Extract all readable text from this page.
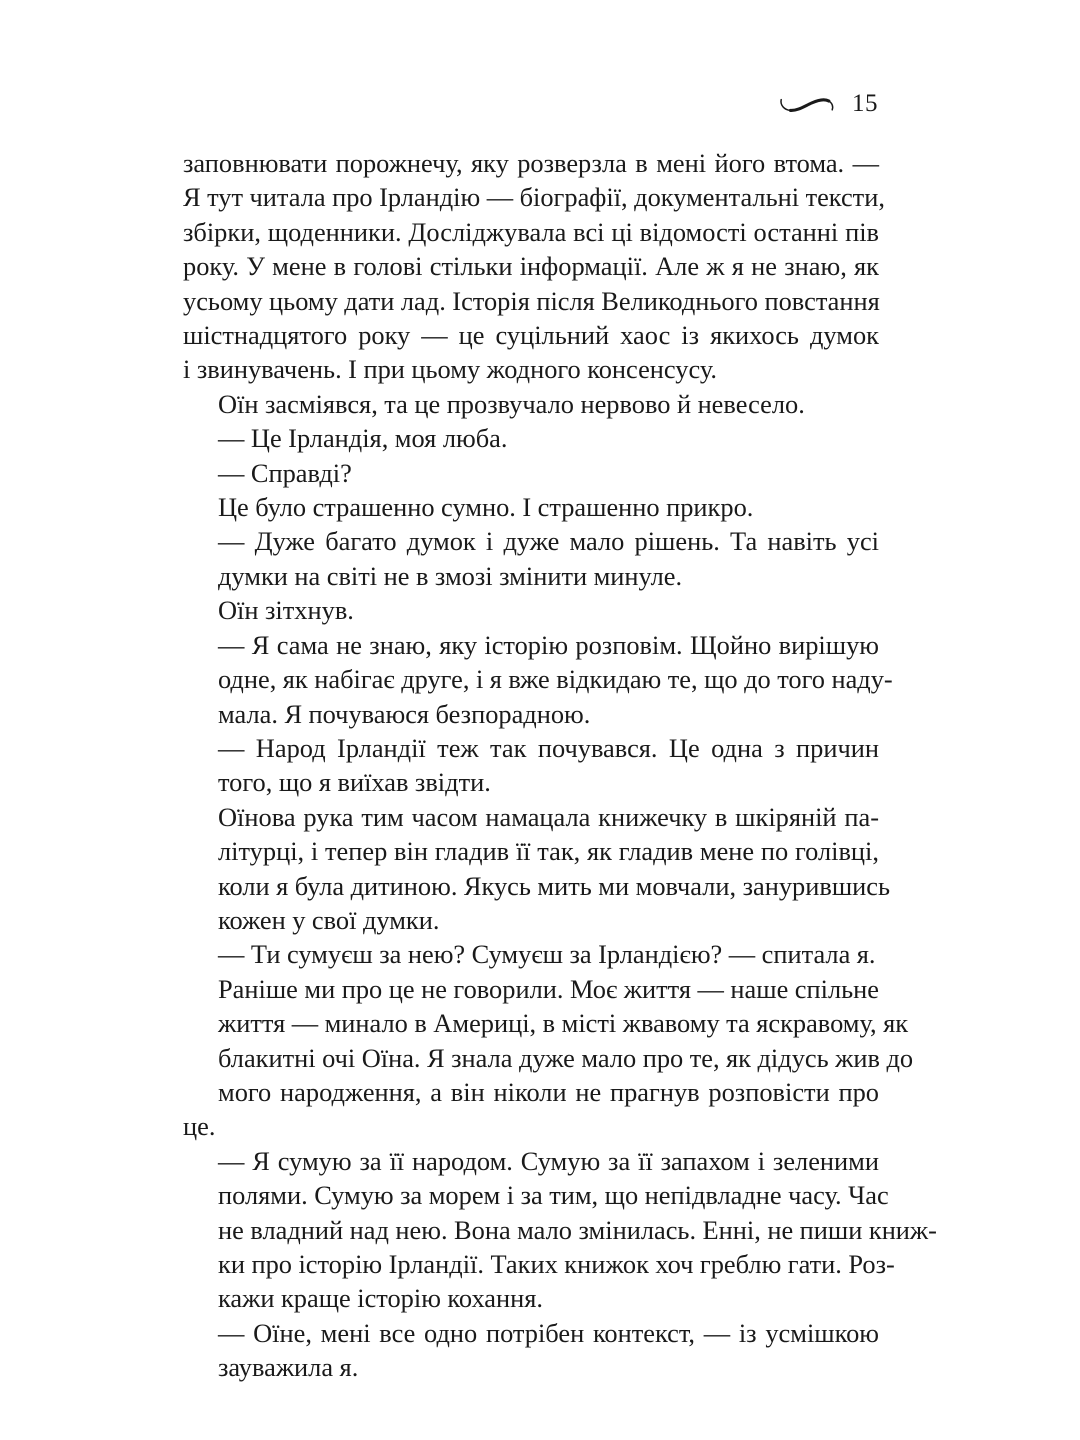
15

заповнювати порожнечу, яку розверзла в мені його втома. —
Я тут читала про Ірландію — біографії, документальні тексти,
збірки, щоденники. Досліджувала всі ці відомості останні пів
року. У мене в голові стільки інформації. Але ж я не знаю, як
усьому цьому дати лад. Історія після Великоднього повстання
шістнадцятого року — це суцільний хаос із якихось думок
і звинувачень. І при цьому жодного консенсусу.

Оїн засміявся, та це прозвучало нервово й невесело.

— Це Ірландія, моя люба.

— Справді?

Це було страшенно сумно. І страшенно прикро.

— Дуже багато думок і дуже мало рішень. Та навіть усі
думки на світі не в змозі змінити минуле.

Оїн зітхнув.

— Я сама не знаю, яку історію розповім. Щойно вирішую
одне, як набігає друге, і я вже відкидаю те, що до того наду-
мала. Я почуваюся безпорадною.

— Народ Ірландії теж так почувався. Це одна з причин
того, що я виїхав звідти.

Оїнова рука тим часом намацала книжечку в шкіряній па-
літурці, і тепер він гладив її так, як гладив мене по голівці,
коли я була дитиною. Якусь мить ми мовчали, занурившись
кожен у свої думки.

— Ти сумуєш за нею? Сумуєш за Ірландією? — спитала я.

Раніше ми про це не говорили. Моє життя — наше спільне
життя — минало в Америці, в місті жвавому та яскравому, як
блакитні очі Оїна. Я знала дуже мало про те, як дідусь жив до
мого народження, а він ніколи не прагнув розповісти про це.

— Я сумую за її народом. Сумую за її запахом і зеленими
полями. Сумую за морем і за тим, що непідвладне часу. Час
не владний над нею. Вона мало змінилась. Енні, не пиши книж-
ки про історію Ірландії. Таких книжок хоч греблю гати. Роз-
кажи краще історію кохання.

— Оїне, мені все одно потрібен контекст, — із усмішкою
зауважила я.
